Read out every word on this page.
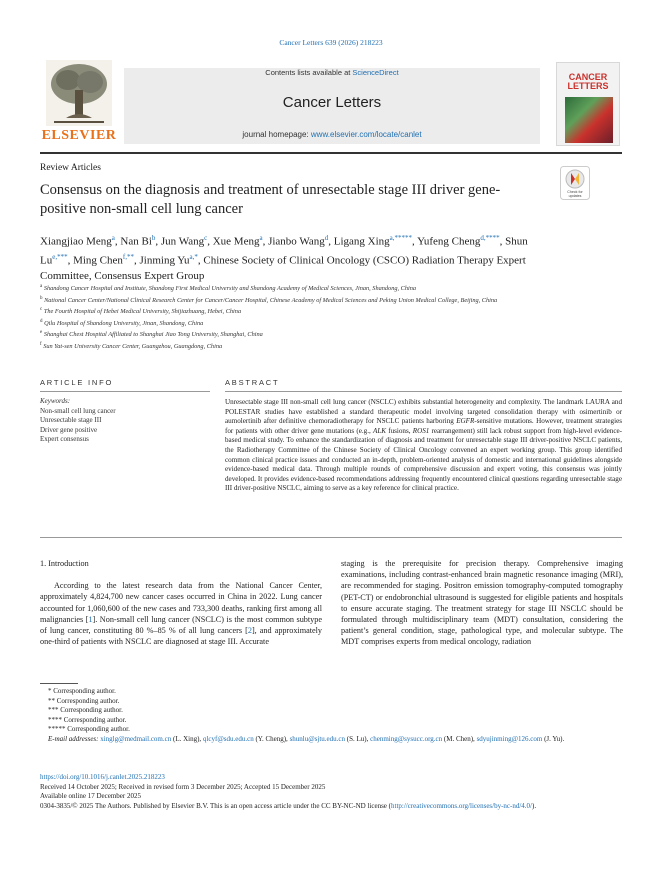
Cancer Letters 639 (2026) 218223
ELSEVIER
Contents lists available at ScienceDirect
Cancer Letters
journal homepage: www.elsevier.com/locate/canlet
CANCER
LETTERS
Review Articles
Consensus on the diagnosis and treatment of unresectable stage III driver gene-positive non-small cell lung cancer
Check for
updates
Xiangjiao Meng$^a$, Nan Bi$^b$, Jun Wang$^c$, Xue Meng$^a$, Jianbo Wang$^d$, Ligang Xing$^{a,*****}$, Yufeng Cheng$^{d,****}$, Shun $Lu^{e,***}$, Ming Chen$^{f,**}$, Jinming $Yu^{a,*}$, Chinese Society of Clinical Oncology (CSCO) Radiation Therapy Expert Committee, Consensus Expert Group
$^a$ Shandong Cancer Hospital and Institute, Shandong First Medical University and Shandong Academy of Medical Sciences, Jinan, Shandong, China
$^b$ National Cancer Center/National Clinical Research Center for Cancer/Cancer Hospital, Chinese Academy of Medical Sciences and Peking Union Medical College, Beijing, China
$^c$ The Fourth Hospital of Hebei Medical University, Shijiazhuang, Hebei, China
$^d$ Qilu Hospital of Shandong University, Jinan, Shandong, China
$^e$ Shanghai Chest Hospital Affiliated to Shanghai Jiao Tong University, Shanghai, China
$^f$ Sun Yat-sen University Cancer Center, Guangzhou, Guangdong, China
ARTICLE INFO
Keywords:
Non-small cell lung cancer
Unresectable stage III
Driver gene positive
Expert consensus
ABSTRACT
Unresectable stage III non-small cell lung cancer (NSCLC) exhibits substantial heterogeneity and complexity. The landmark LAURA and POLESTAR studies have established a standard therapeutic model involving targeted consolidation therapy with osimertinib or aumolertinib after definitive chemoradiotherapy for NSCLC patients harboring EGFR-sensitive mutations. However, treatment strategies for patients with other driver gene mutations (e.g., ALK fusions, ROS1 rearrangement) still lack robust support from high-level evidence-based medical study. To enhance the standardization of diagnosis and treatment for unresectable stage III driver-positive NSCLC patients, the Radiotherapy Committee of the Chinese Society of Clinical Oncology convened an expert working group. This group identified common clinical practice issues and conducted an in-depth, problem-oriented analysis of domestic and international guidelines alongside evidence-based medical data. Through multiple rounds of comprehensive discussion and expert voting, this consensus was jointly developed. It provides evidence-based recommendations addressing frequently encountered clinical questions regarding unresectable stage III driver-positive NSCLC, aiming to serve as a key reference for clinical practice.
1. Introduction

According to the latest research data from the National Cancer Center, approximately 4,824,700 new cancer cases occurred in China in 2022. Lung cancer accounted for 1,060,600 of the new cases and 733,300 deaths, ranking first among all malignancies [1]. Non-small cell lung cancer (NSCLC) is the most common subtype of lung cancer, constituting 80 %–85 % of all lung cancers [2], and approximately one-third of patients with NSCLC are diagnosed at stage III. Accurate

staging is the prerequisite for precision therapy. Comprehensive imaging examinations, including contrast-enhanced brain magnetic resonance imaging (MRI), are recommended for staging. Positron emission tomography-computed tomography (PET-CT) or endobronchial ultrasound is suggested for eligible patients and hospitals to ensure accurate staging. The treatment strategy for stage III NSCLC should be formulated through multidisciplinary team (MDT) consultation, considering the patient’s general condition, stage, pathological type, and molecular subtype. The MDT comprises experts from medical oncology, radiation
* Corresponding author.
** Corresponding author.
*** Corresponding author.
**** Corresponding author.
***** Corresponding author.
E-mail addresses: xinglg@medmail.com.cn (L. Xing), qlcyf@sdu.edu.cn (Y. Cheng), shunlu@sjtu.edu.cn (S. Lu), chenming@sysucc.org.cn (M. Chen), sdyujinming@126.com (J. Yu).
https://doi.org/10.1016/j.canlet.2025.218223
Received 14 October 2025; Received in revised form 3 December 2025; Accepted 15 December 2025
Available online 17 December 2025
0304-3835/© 2025 The Authors. Published by Elsevier B.V. This is an open access article under the CC BY-NC-ND license (http://creativecommons.org/licenses/by-nc-nd/4.0/).
